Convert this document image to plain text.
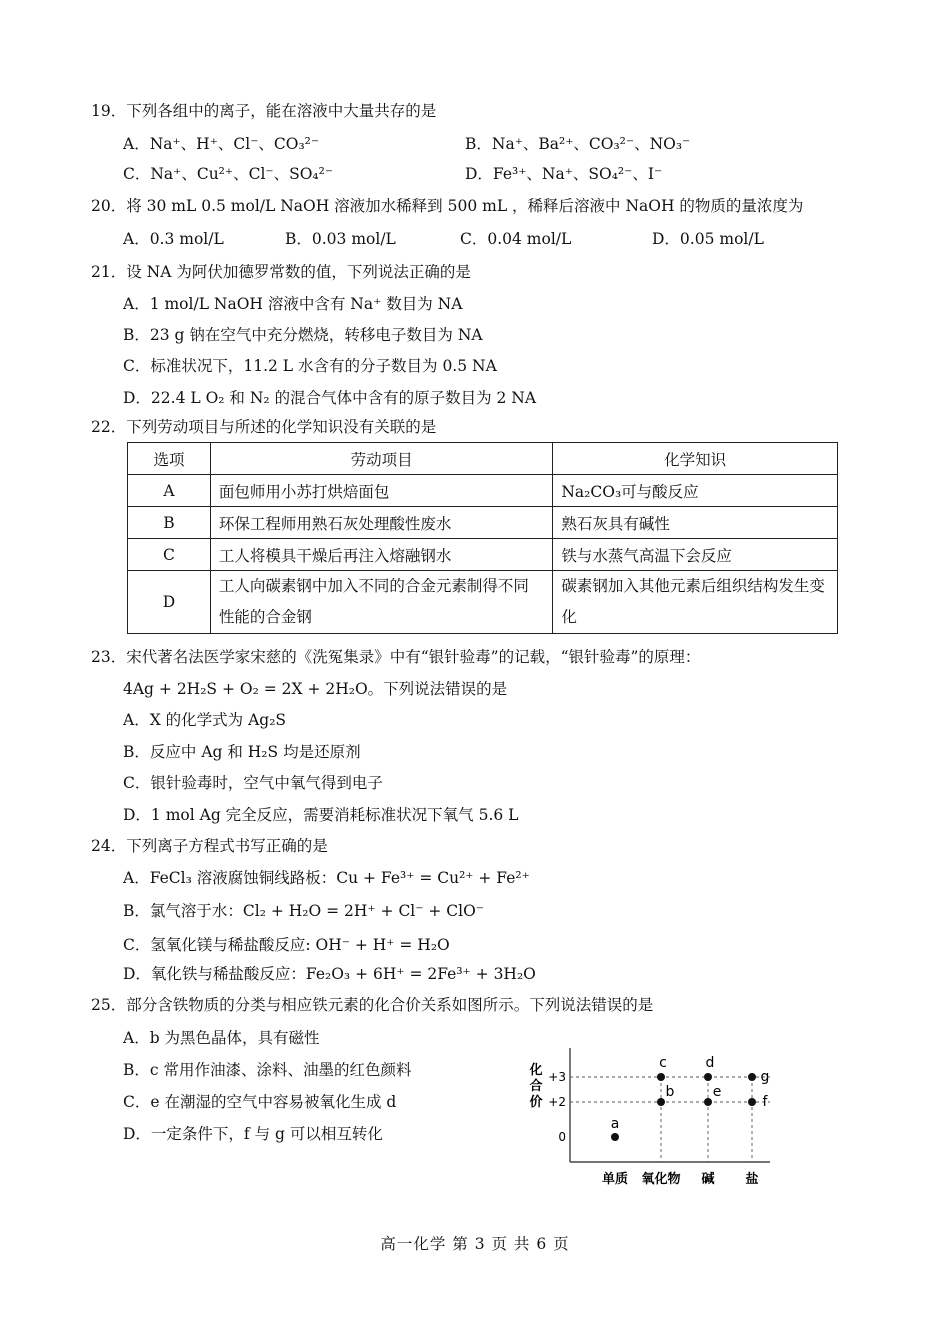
19．下列各组中的离子，能在溶液中大量共存的是
A．Na⁺、H⁺、Cl⁻、CO₃²⁻	B．Na⁺、Ba²⁺、CO₃²⁻、NO₃⁻
C．Na⁺、Cu²⁺、Cl⁻、SO₄²⁻	D．Fe³⁺、Na⁺、SO₄²⁻、I⁻
20．将 30 mL 0.5 mol/L NaOH 溶液加水稀释到 500 mL ，稀释后溶液中 NaOH 的物质的量浓度为
A．0.3 mol/L	B．0.03 mol/L	C．0.04 mol/L	D．0.05 mol/L
21．设 NA 为阿伏加德罗常数的值，下列说法正确的是
A．1 mol/L NaOH 溶液中含有 Na⁺ 数目为 NA
B．23 g 钠在空气中充分燃烧，转移电子数目为 NA
C．标准状况下，11.2 L 水含有的分子数目为 0.5 NA
D．22.4 L O₂ 和 N₂ 的混合气体中含有的原子数目为 2 NA
22．下列劳动项目与所述的化学知识没有关联的是
选项	劳动项目	化学知识
A	面包师用小苏打烘焙面包	Na₂CO₃可与酸反应
B	环保工程师用熟石灰处理酸性废水	熟石灰具有碱性
C	工人将模具干燥后再注入熔融钢水	铁与水蒸气高温下会反应
D	工人向碳素钢中加入不同的合金元素制得不同性能的合金钢	碳素钢加入其他元素后组织结构发生变化
23．宋代著名法医学家宋慈的《洗冤集录》中有“银针验毒”的记载，“银针验毒”的原理：
4Ag + 2H₂S + O₂ = 2X + 2H₂O。下列说法错误的是
A．X 的化学式为 Ag₂S
B．反应中 Ag 和 H₂S 均是还原剂
C．银针验毒时，空气中氧气得到电子
D．1 mol Ag 完全反应，需要消耗标准状况下氧气 5.6 L
24．下列离子方程式书写正确的是
A．FeCl₃ 溶液腐蚀铜线路板：Cu + Fe³⁺ = Cu²⁺ + Fe²⁺
B．氯气溶于水：Cl₂ + H₂O = 2H⁺ + Cl⁻ + ClO⁻
C．氢氧化镁与稀盐酸反应: OH⁻ + H⁺ = H₂O
D．氧化铁与稀盐酸反应：Fe₂O₃ + 6H⁺ = 2Fe³⁺ + 3H₂O
25．部分含铁物质的分类与相应铁元素的化合价关系如图所示。下列说法错误的是
A．b 为黑色晶体，具有磁性
B．c 常用作油漆、涂料、油墨的红色颜料
C．e 在潮湿的空气中容易被氧化生成 d
D．一定条件下，f 与 g 可以相互转化
化
合
价
0
+2
+3
单质 氧化物 碱 盐
a
b
c	d
e
f
g
高一化学 第 3 页 共 6 页
